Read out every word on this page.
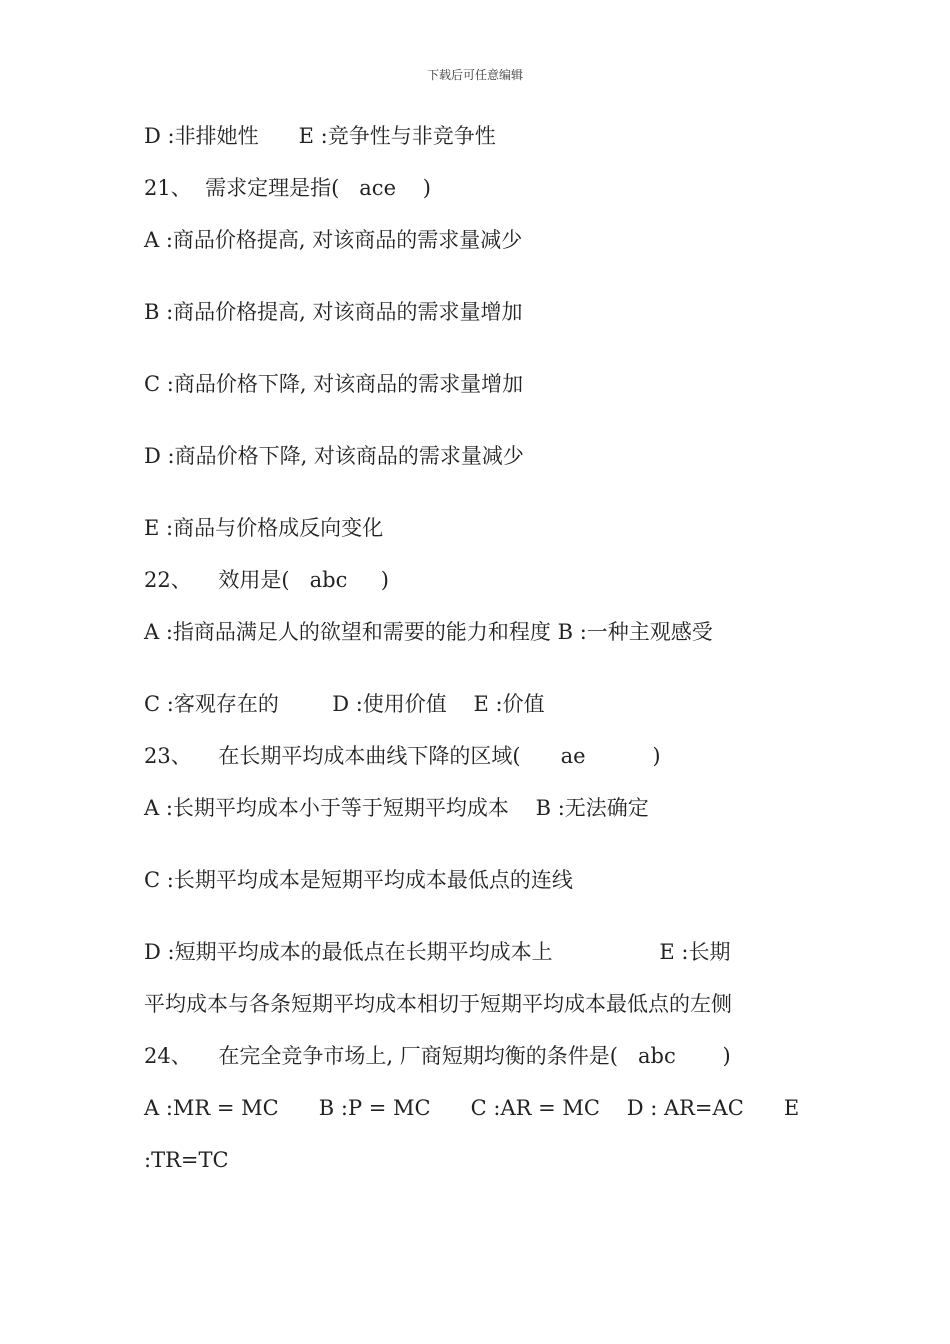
下载后可任意编辑
D :非排她性      E :竞争性与非竞争性
21、  需求定理是指(   ace    )
A :商品价格提高, 对该商品的需求量减少
B :商品价格提高, 对该商品的需求量增加
C :商品价格下降, 对该商品的需求量增加
D :商品价格下降, 对该商品的需求量减少
E :商品与价格成反向变化
22、    效用是(   abc     )
A :指商品满足人的欲望和需要的能力和程度 B :一种主观感受
C :客观存在的        D :使用价值    E :价值
23、    在长期平均成本曲线下降的区域(      ae          )
A :长期平均成本小于等于短期平均成本    B :无法确定
C :长期平均成本是短期平均成本最低点的连线
D :短期平均成本的最低点在长期平均成本上                E :长期
平均成本与各条短期平均成本相切于短期平均成本最低点的左侧
24、    在完全竞争市场上, 厂商短期均衡的条件是(   abc       )
A :MR = MC      B :P = MC      C :AR = MC    D : AR=AC      E
:TR=TC
